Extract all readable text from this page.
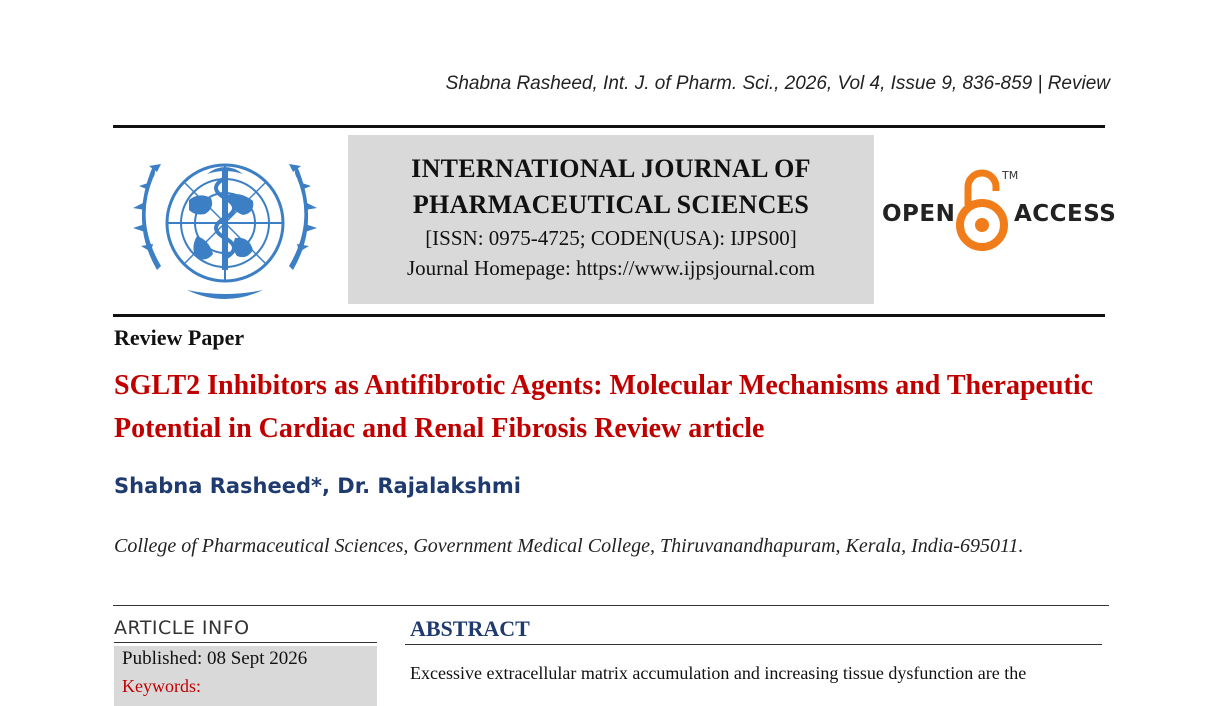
Shabna Rasheed, Int. J. of Pharm. Sci., 2026, Vol 4, Issue 9, 836-859 | Review
INTERNATIONAL JOURNAL OF
PHARMACEUTICAL SCIENCES
[ISSN: 0975-4725; CODEN(USA): IJPS00]
Journal Homepage: https://www.ijpsjournal.com
OPEN
TM
ACCESS
Review Paper
SGLT2 Inhibitors as Antifibrotic Agents: Molecular Mechanisms and Therapeutic Potential in Cardiac and Renal Fibrosis Review article
Shabna Rasheed*, Dr. Rajalakshmi
College of Pharmaceutical Sciences, Government Medical College, Thiruvanandhapuram, Kerala, India-695011.
ARTICLE INFO
Published: 08 Sept 2026
Keywords:
ABSTRACT
Excessive extracellular matrix accumulation and increasing tissue dysfunction are the
